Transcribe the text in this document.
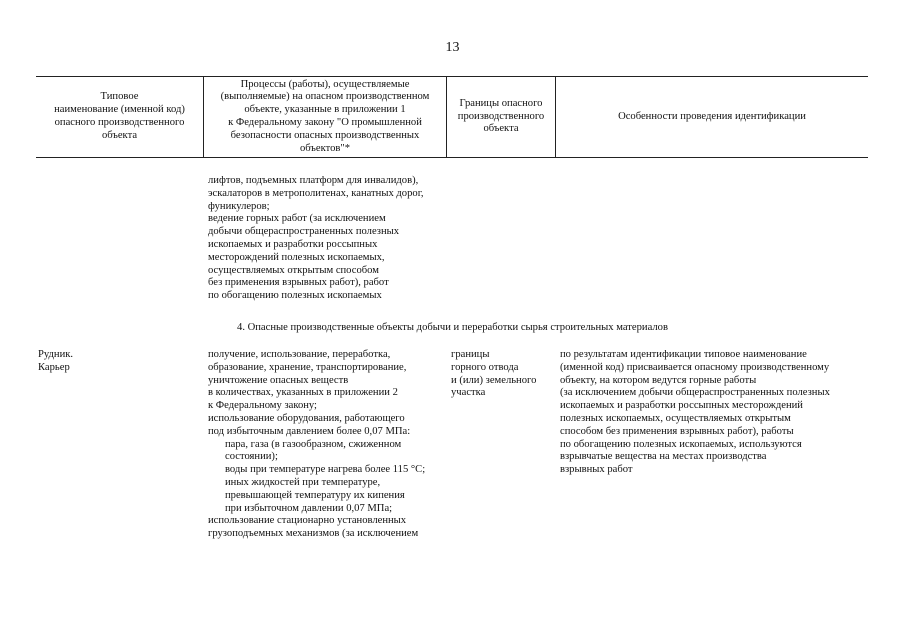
13
Типовое
наименование (именной код)
опасного производственного
объекта
Процессы (работы), осуществляемые
(выполняемые) на опасном производственном
объекте, указанные в приложении 1
к Федеральному закону "О промышленной
безопасности опасных производственных
объектов"*
Границы опасного
производственного
объекта
Особенности проведения идентификации
лифтов, подъемных платформ для инвалидов),
эскалаторов в метрополитенах, канатных дорог,
фуникулеров;
ведение горных работ (за исключением
добычи общераспространенных полезных
ископаемых и разработки россыпных
месторождений полезных ископаемых,
осуществляемых открытым способом
без применения взрывных работ), работ
по обогащению полезных ископаемых
4. Опасные производственные объекты добычи и переработки сырья строительных материалов
Рудник.
Карьер
получение, использование, переработка,
образование, хранение, транспортирование,
уничтожение опасных веществ
в количествах, указанных в приложении 2
к Федеральному закону;
использование оборудования, работающего
под избыточным давлением более 0,07 МПа:
пара, газа (в газообразном, сжиженном
состоянии);
воды при температуре нагрева более 115 °С;
иных жидкостей при температуре,
превышающей температуру их кипения
при избыточном давлении 0,07 МПа;
использование стационарно установленных
грузоподъемных механизмов (за исключением
границы
горного отвода
и (или) земельного
участка
по результатам идентификации типовое наименование
(именной код) присваивается опасному производственному
объекту, на котором ведутся горные работы
(за исключением добычи общераспространенных полезных
ископаемых и разработки россыпных месторождений
полезных ископаемых, осуществляемых открытым
способом без применения взрывных работ), работы
по обогащению полезных ископаемых, используются
взрывчатые вещества на местах производства
взрывных работ
